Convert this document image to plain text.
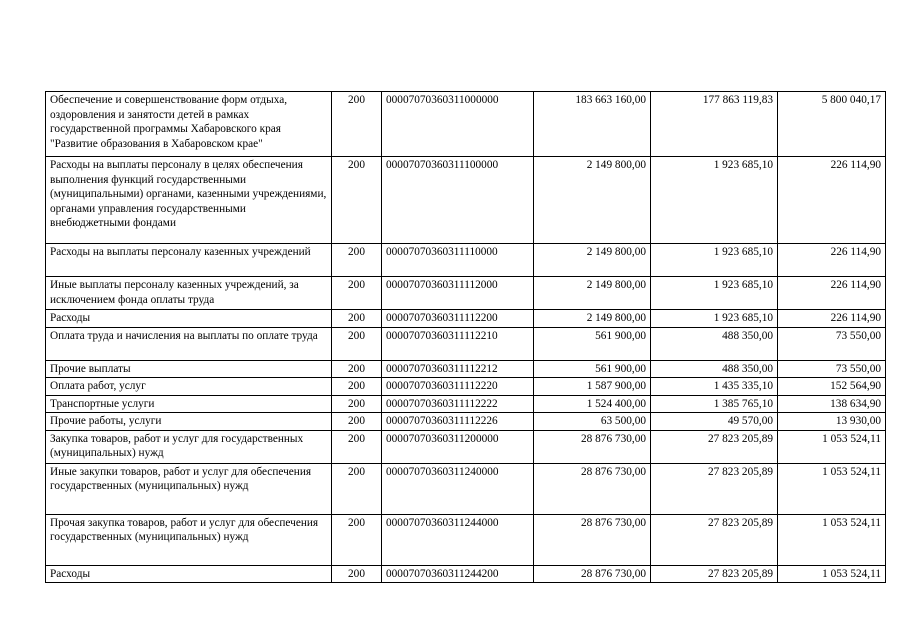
Обеспечение и совершенствование форм отдыха, оздоровления и занятости детей в рамках государственной программы Хабаровского края "Развитие образования в Хабаровском крае"	200	00007070360311000000	183 663 160,00	177 863 119,83	5 800 040,17
Расходы на выплаты персоналу в целях обеспечения выполнения функций государственными (муниципальными) органами, казенными учреждениями, органами управления государственными внебюджетными фондами	200	00007070360311100000	2 149 800,00	1 923 685,10	226 114,90
Расходы на выплаты персоналу казенных учреждений	200	00007070360311110000	2 149 800,00	1 923 685,10	226 114,90
Иные выплаты персоналу казенных учреждений, за исключением фонда оплаты труда	200	00007070360311112000	2 149 800,00	1 923 685,10	226 114,90
Расходы	200	00007070360311112200	2 149 800,00	1 923 685,10	226 114,90
Оплата труда и начисления на выплаты по оплате труда	200	00007070360311112210	561 900,00	488 350,00	73 550,00
Прочие выплаты	200	00007070360311112212	561 900,00	488 350,00	73 550,00
Оплата работ, услуг	200	00007070360311112220	1 587 900,00	1 435 335,10	152 564,90
Транспортные услуги	200	00007070360311112222	1 524 400,00	1 385 765,10	138 634,90
Прочие работы, услуги	200	00007070360311112226	63 500,00	49 570,00	13 930,00
Закупка товаров, работ и услуг для государственных (муниципальных) нужд	200	00007070360311200000	28 876 730,00	27 823 205,89	1 053 524,11
Иные закупки товаров, работ и услуг для обеспечения государственных (муниципальных) нужд	200	00007070360311240000	28 876 730,00	27 823 205,89	1 053 524,11
Прочая закупка товаров, работ и услуг для обеспечения государственных (муниципальных) нужд	200	00007070360311244000	28 876 730,00	27 823 205,89	1 053 524,11
Расходы	200	00007070360311244200	28 876 730,00	27 823 205,89	1 053 524,11
